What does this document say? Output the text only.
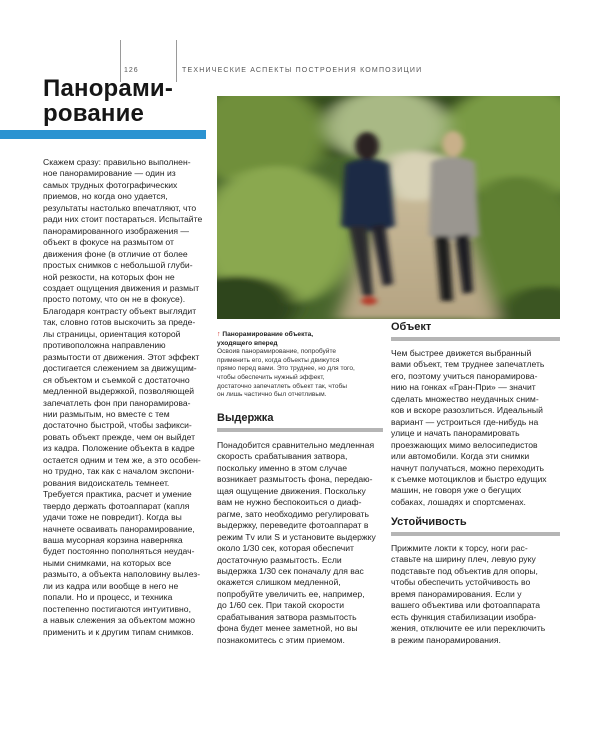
126	ТЕХНИЧЕСКИЕ АСПЕКТЫ ПОСТРОЕНИЯ КОМПОЗИЦИИ
Панорами-
рование

Скажем сразу: правильно выполнен-

ное панорамирование — один из

самых трудных фотографических

приемов, но когда оно удается,

результаты настолько впечатляют, что

ради них стоит постараться. Испытайте

панорамированного изображения —

объект в фокусе на размытом от

движения фоне (в отличие от более

простых снимков с небольшой глуби-

ной резкости, на которых фон не

создает ощущения движения и размыт

просто потому, что он не в фокусе).

Благодаря контрасту объект выглядит

так, словно готов выскочить за преде-

лы страницы, ориентация которой

противоположна направлению

размытости от движения. Этот эффект

достигается слежением за движущим-

ся объектом и съемкой с достаточно

медленной выдержкой, позволяющей

запечатлеть фон при панорамирова-

нии размытым, но вместе с тем

достаточно быстрой, чтобы зафикси-

ровать объект прежде, чем он выйдет

из кадра. Положение объекта в кадре

остается одним и тем же, а это особен-

но трудно, так как с началом экспони-

рования видоискатель темнеет.

Требуется практика, расчет и умение

твердо держать фотоаппарат (капля

удачи тоже не повредит). Когда вы

начнете осваивать панорамирование,

ваша мусорная корзина наверняка

будет постоянно пополняться неудач-

ными снимками, на которых все

размыто, а объекта наполовину вылез-

ли из кадра или вообще в него не

попали. Но и процесс, и техника

постепенно постигаются интуитивно,

а навык слежения за объектом можно

применить и к другим типам снимков.

↑ Панорамирование объекта,
уходящего вперед

Освоив панорамирование, попробуйте

применить его, когда объекты движутся

прямо перед вами. Это труднее, но для того,

чтобы обеспечить нужный эффект,

достаточно запечатлеть объект так, чтобы

он лишь частично был отчетливым.

Выдержка

Понадобится сравнительно медленная

скорость срабатывания затвора,

поскольку именно в этом случае

возникает размытость фона, передаю-

щая ощущение движения. Поскольку

вам не нужно беспокоиться о диаф-

рагме, зато необходимо регулировать

выдержку, переведите фотоаппарат в

режим Tv или S и установите выдержку

около 1/30 сек, которая обеспечит

достаточную размытость. Если

выдержка 1/30 сек поначалу для вас

окажется слишком медленной,

попробуйте увеличить ее, например,

до 1/60 сек. При такой скорости

срабатывания затвора размытость

фона будет менее заметной, но вы

познакомитесь с этим приемом.

Объект

Чем быстрее движется выбранный

вами объект, тем труднее запечатлеть

его, поэтому учиться панорамирова-

нию на гонках «Гран-При» — значит

сделать множество неудачных сним-

ков и вскоре разозлиться. Идеальный

вариант — устроиться где-нибудь на

улице и начать панорамировать

проезжающих мимо велосипедистов

или автомобили. Когда эти снимки

начнут получаться, можно переходить

к съемке мотоциклов и быстро едущих

машин, не говоря уже о бегущих

собаках, лошадях и спортсменах.

Устойчивость

Прижмите локти к торсу, ноги рас-

ставьте на ширину плеч, левую руку

подставьте под объектив для опоры,

чтобы обеспечить устойчивость во

время панорамирования. Если у

вашего объектива или фотоаппарата

есть функция стабилизации изобра-

жения, отключите ее или переключить

в режим панорамирования.
